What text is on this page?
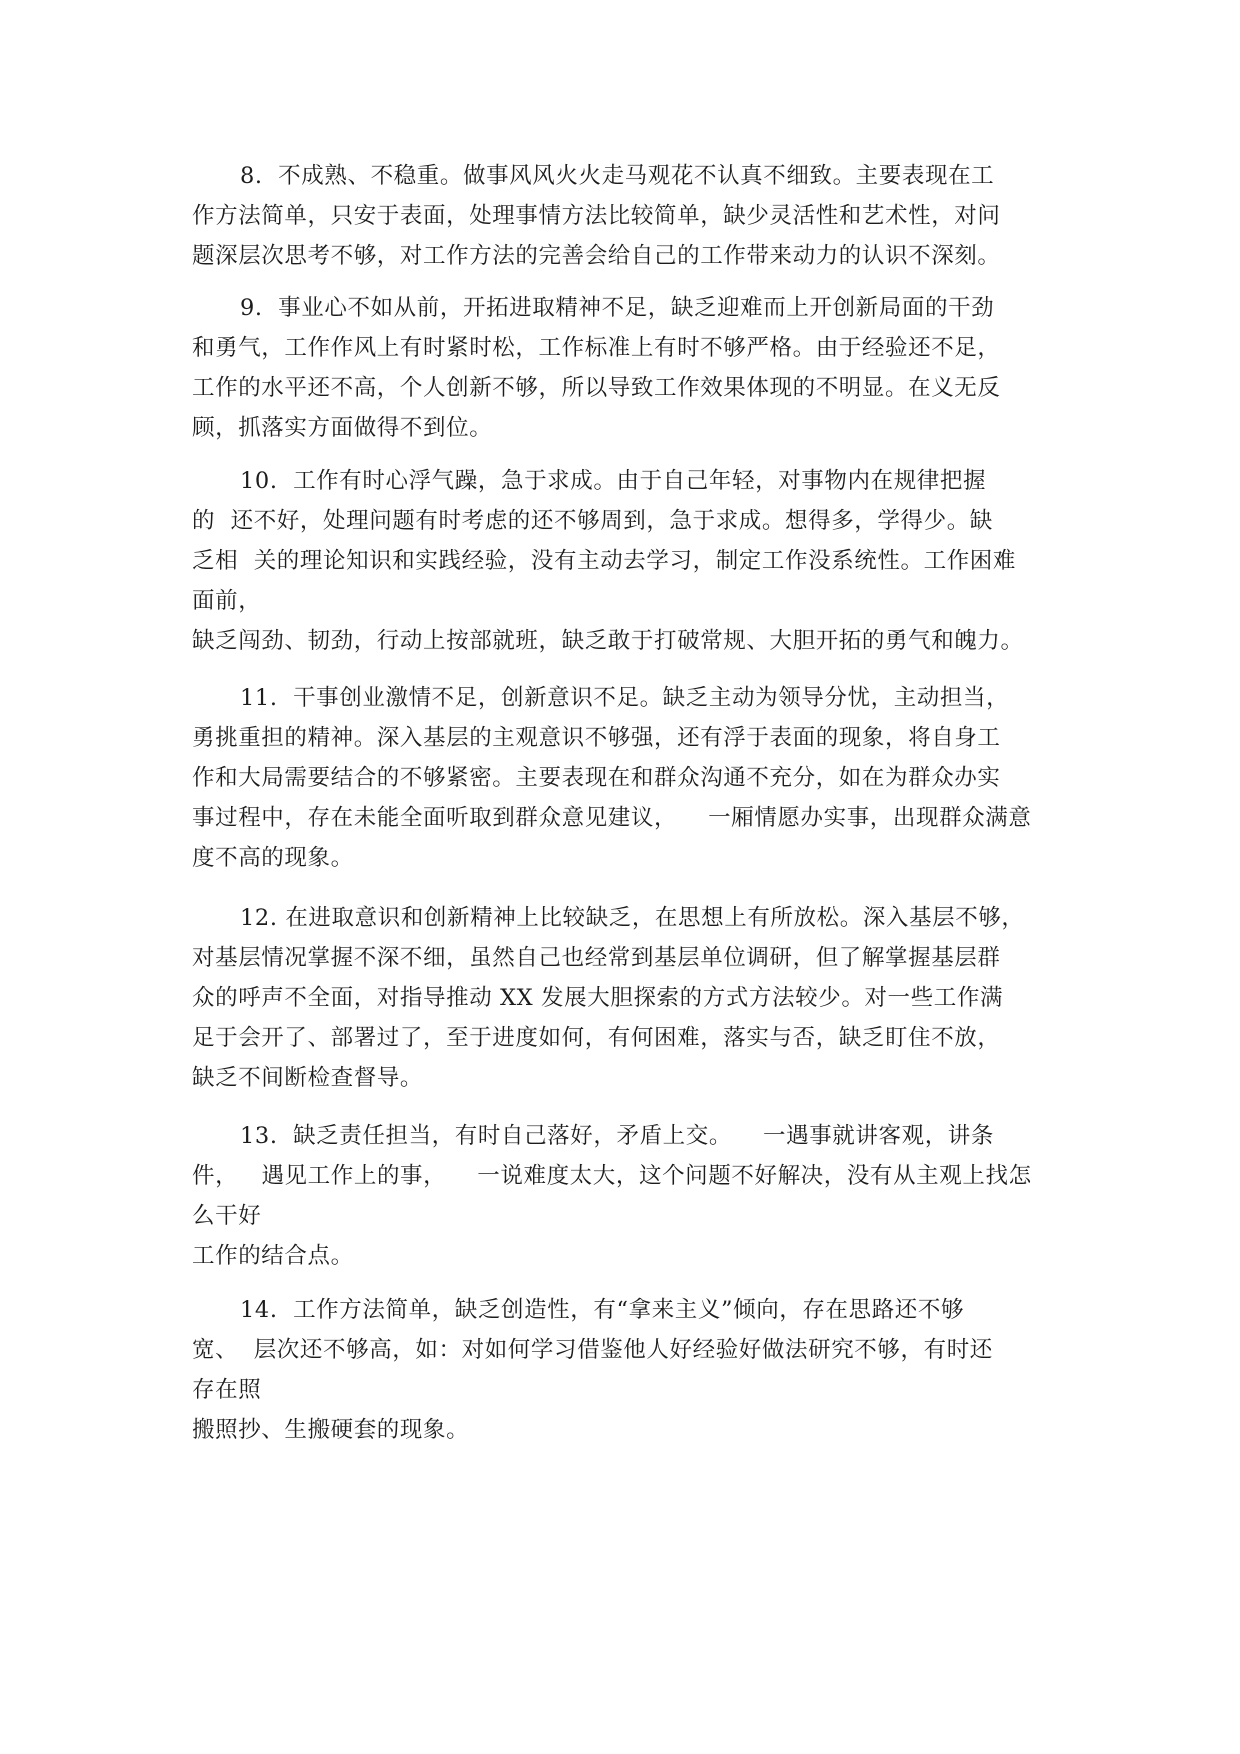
8.  不成熟、不稳重。做事风风火火走马观花不认真不细致。主要表现在工
作方法简单，只安于表面，处理事情方法比较简单，缺少灵活性和艺术性，对问
题深层次思考不够，对工作方法的完善会给自己的工作带来动力的认识不深刻。
9.  事业心不如从前，开拓进取精神不足，缺乏迎难而上开创新局面的干劲
和勇气，工作作风上有时紧时松，工作标准上有时不够严格。由于经验还不足，
工作的水平还不高，个人创新不够，所以导致工作效果体现的不明显。在义无反
顾，抓落实方面做得不到位。
10.  工作有时心浮气躁，急于求成。由于自己年轻，对事物内在规律把握
的  还不好，处理问题有时考虑的还不够周到，急于求成。想得多，学得少。缺
乏相  关的理论知识和实践经验，没有主动去学习，制定工作没系统性。工作困难
面前，
缺乏闯劲、韧劲，行动上按部就班，缺乏敢于打破常规、大胆开拓的勇气和魄力。
11.  干事创业激情不足，创新意识不足。缺乏主动为领导分忧，主动担当，
勇挑重担的精神。深入基层的主观意识不够强，还有浮于表面的现象，将自身工
作和大局需要结合的不够紧密。主要表现在和群众沟通不充分，如在为群众办实
事过程中，存在未能全面听取到群众意见建议，    一厢情愿办实事，出现群众满意
度不高的现象。
12. 在进取意识和创新精神上比较缺乏，在思想上有所放松。深入基层不够，
对基层情况掌握不深不细，虽然自己也经常到基层单位调研，但了解掌握基层群
众的呼声不全面，对指导推动 XX 发展大胆探索的方式方法较少。对一些工作满
足于会开了、部署过了，至于进度如何，有何困难，落实与否，缺乏盯住不放，
缺乏不间断检查督导。
13.  缺乏责任担当，有时自己落好，矛盾上交。    一遇事就讲客观，讲条
件，   遇见工作上的事，    一说难度太大，这个问题不好解决，没有从主观上找怎
么干好
工作的结合点。
14.  工作方法简单，缺乏创造性，有“拿来主义”倾向，存在思路还不够
宽、  层次还不够高，如：对如何学习借鉴他人好经验好做法研究不够，有时还
存在照
搬照抄、生搬硬套的现象。
